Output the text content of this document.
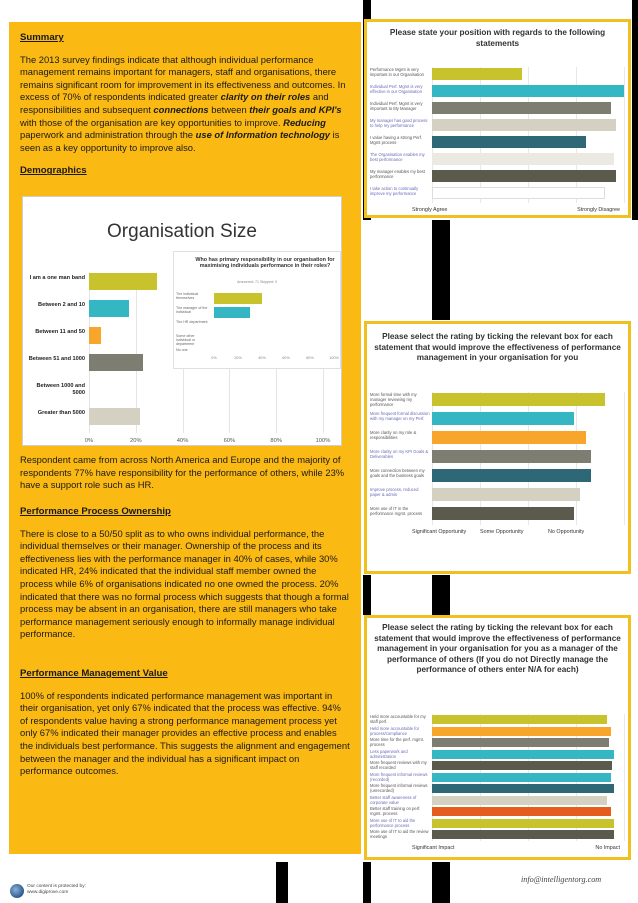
Summary
The 2013 survey findings indicate that although individual performance management remains important for managers, staff and organisations, there remains significant room for improvement in its effectiveness and outcomes. In excess of 70% of respondents indicated greater clarity on their roles and responsibilities and subsequent connections between their goals and KPI's with those of the organisation are key opportunities to improve. Reducing paperwork and administration through the use of Information technology is seen as a key opportunity to improve also.
Demographics
Respondent came from across North America and Europe and the majority of respondents 77% have responsibility for the performance of others, while 23% have a support role such as HR.
Performance Process Ownership
There is close to a 50/50 split as to who owns individual performance, the individual themselves or their manager. Ownership of the process and its effectiveness lies with the performance manager in 40% of cases, while 30% indicated HR, 24% indicated that the individual staff member owned the process while 6% of organisations indicated no one owned the process. 20% indicated that there was no formal process which suggests that though a formal process may be absent in an organisation, there are still managers who take performance management seriously enough to informally manage individual performance.
Performance Management Value
100% of respondents indicated performance management was important in their organisation, yet only 67% indicated that the process was effective. 94% of respondents value having a strong performance management process yet only 67% indicated their manager provides an effective process and enables the individuals best performance. This suggests the alignment and engagement between the manager and the individual has a significant impact on performance outcomes.
Organisation Size
0%	20%	40%	60%	80%	100%
I am a one man band
Between 2 and 10
Between 11 and 50
Between 51 and 1000
Between 1000 and 5000
Greater than 5000
Who has primary responsibility in our organisation for maximising individuals performance in their roles?
Answered: 71 Skipped: 0
0%	20%	40%	60%	80%	100%
The individual themselves
The manager of the individual
The HR department
Some other individual or department
No one
Please state your position with regards to the following statements
Performance Mgmt is very important in our Organisation
Individual Perf. Mgmt is very effective in our Organisation
Individual Perf. Mgmt is very important to My Manager
My manager has good process to help my performance
I value having a strong Perf. Mgmt process
The Organisation enables my best performance
My manager enables my best performance
I take action to continually improve my performance
Strongly Agree	Strongly Disagree
Please select the rating by ticking the relevant box for each statement that would improve the effectiveness of performance management in your organisation for you
More formal time with my manager reviewing my performance
More frequent formal discussion with my manager on my Perf.
More clarity on my role & responsibilities
More clarity on my KPI Goals & Deliverables
More connection between my goals and the business goals
Improve process, reduced paper & admin
More use of IT in the performance mgmt. process
Significant Opportunity	Some Opportunity	No Opportunity
Please select the rating by ticking the relevant box for each statement that would improve the effectiveness of performance management in your organisation for you as a manager of the performance of others (If you do not Directly manage the performance of others enter N/A for each)
Held more accountable for my staff perf.
Held more accountable for process/compliance
More time for the perf. mgmt. process
Less paperwork and administration
More frequent reviews with my staff recorded
More frequent informal reviews (recorded)
More frequent informal reviews (unrecorded)
Better staff awareness of corporate value
Better staff training on perf. mgmt. process
More use of IT to aid the performance process
More use of IT to aid the review meetings
Significant Impact	No Impact
Our content is protected by:
www.digiprove.com
info@intelligentorg.com
